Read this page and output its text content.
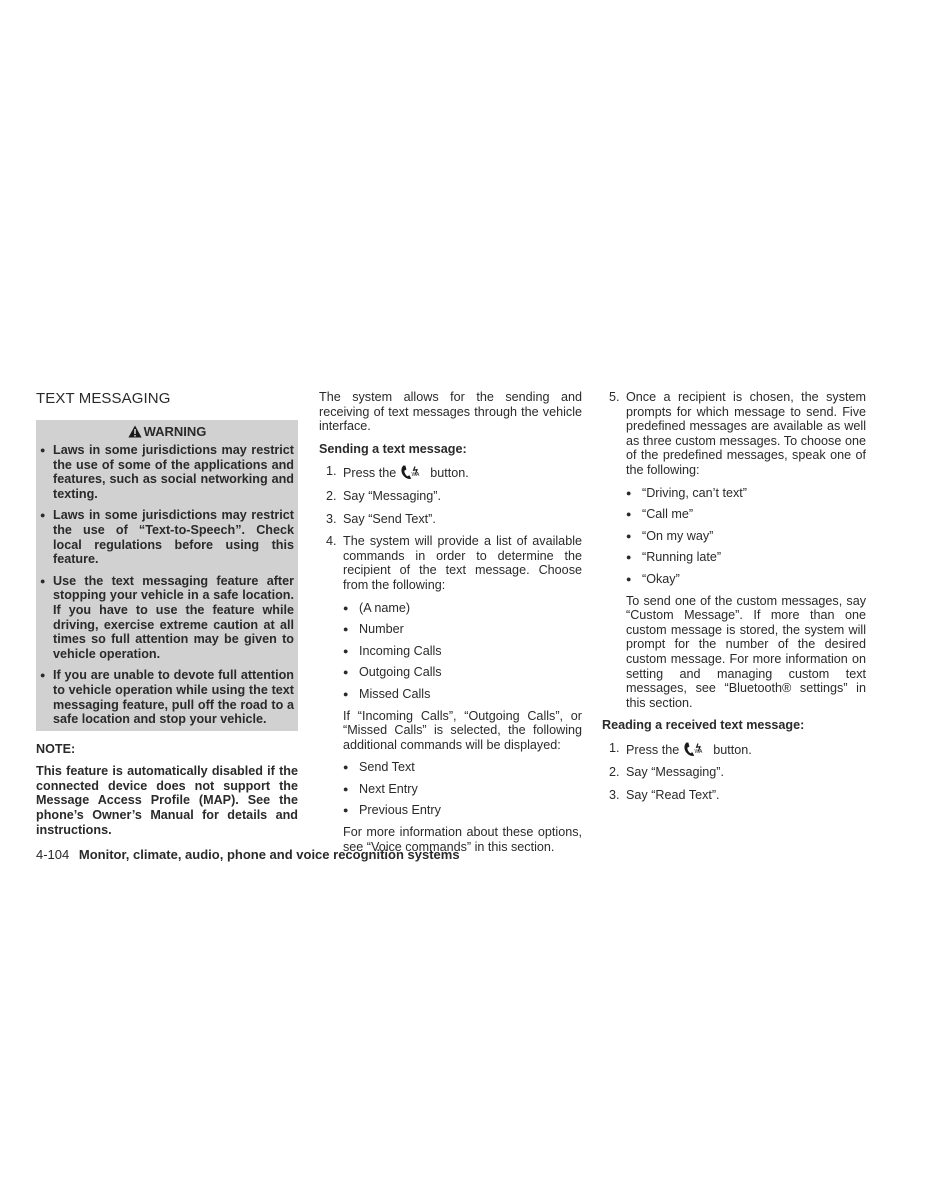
TEXT MESSAGING
WARNING
● Laws in some jurisdictions may restrict the use of some of the applications and features, such as social networking and texting.
● Laws in some jurisdictions may restrict the use of “Text-to-Speech”. Check local regulations before using this feature.
● Use the text messaging feature after stopping your vehicle in a safe location. If you have to use the feature while driving, exercise extreme caution at all times so full attention may be given to vehicle operation.
● If you are unable to devote full attention to vehicle operation while using the text messaging feature, pull off the road to a safe location and stop your vehicle.
NOTE:

This feature is automatically disabled if the connected device does not support the Message Access Profile (MAP). See the phone’s Owner’s Manual for details and instructions.

The system allows for the sending and receiving of text messages through the vehicle interface.

Sending a text message:
1. Press the	WA button.
2. Say “Messaging”.
3. Say “Send Text”.
4. The system will provide a list of available commands in order to determine the recipient of the text message. Choose from the following:
● (A name)
● Number
● Incoming Calls
● Outgoing Calls
● Missed Calls
If “Incoming Calls”, “Outgoing Calls”, or “Missed Calls” is selected, the following additional commands will be displayed:
● Send Text
● Next Entry
● Previous Entry
For more information about these options, see “Voice commands” in this section.
5. Once a recipient is chosen, the system prompts for which message to send. Five predefined messages are available as well as three custom messages. To choose one of the predefined messages, speak one of the following:
● “Driving, can’t text”
● “Call me”
● “On my way”
● “Running late”
● “Okay”
To send one of the custom messages, say “Custom Message”. If more than one custom message is stored, the system will prompt for the number of the desired custom message. For more information on setting and managing custom text messages, see “Bluetooth® settings” in this section.
Reading a received text message:
1. Press the	WA button.
2. Say “Messaging”.
3. Say “Read Text”.
4-104 Monitor, climate, audio, phone and voice recognition systems
